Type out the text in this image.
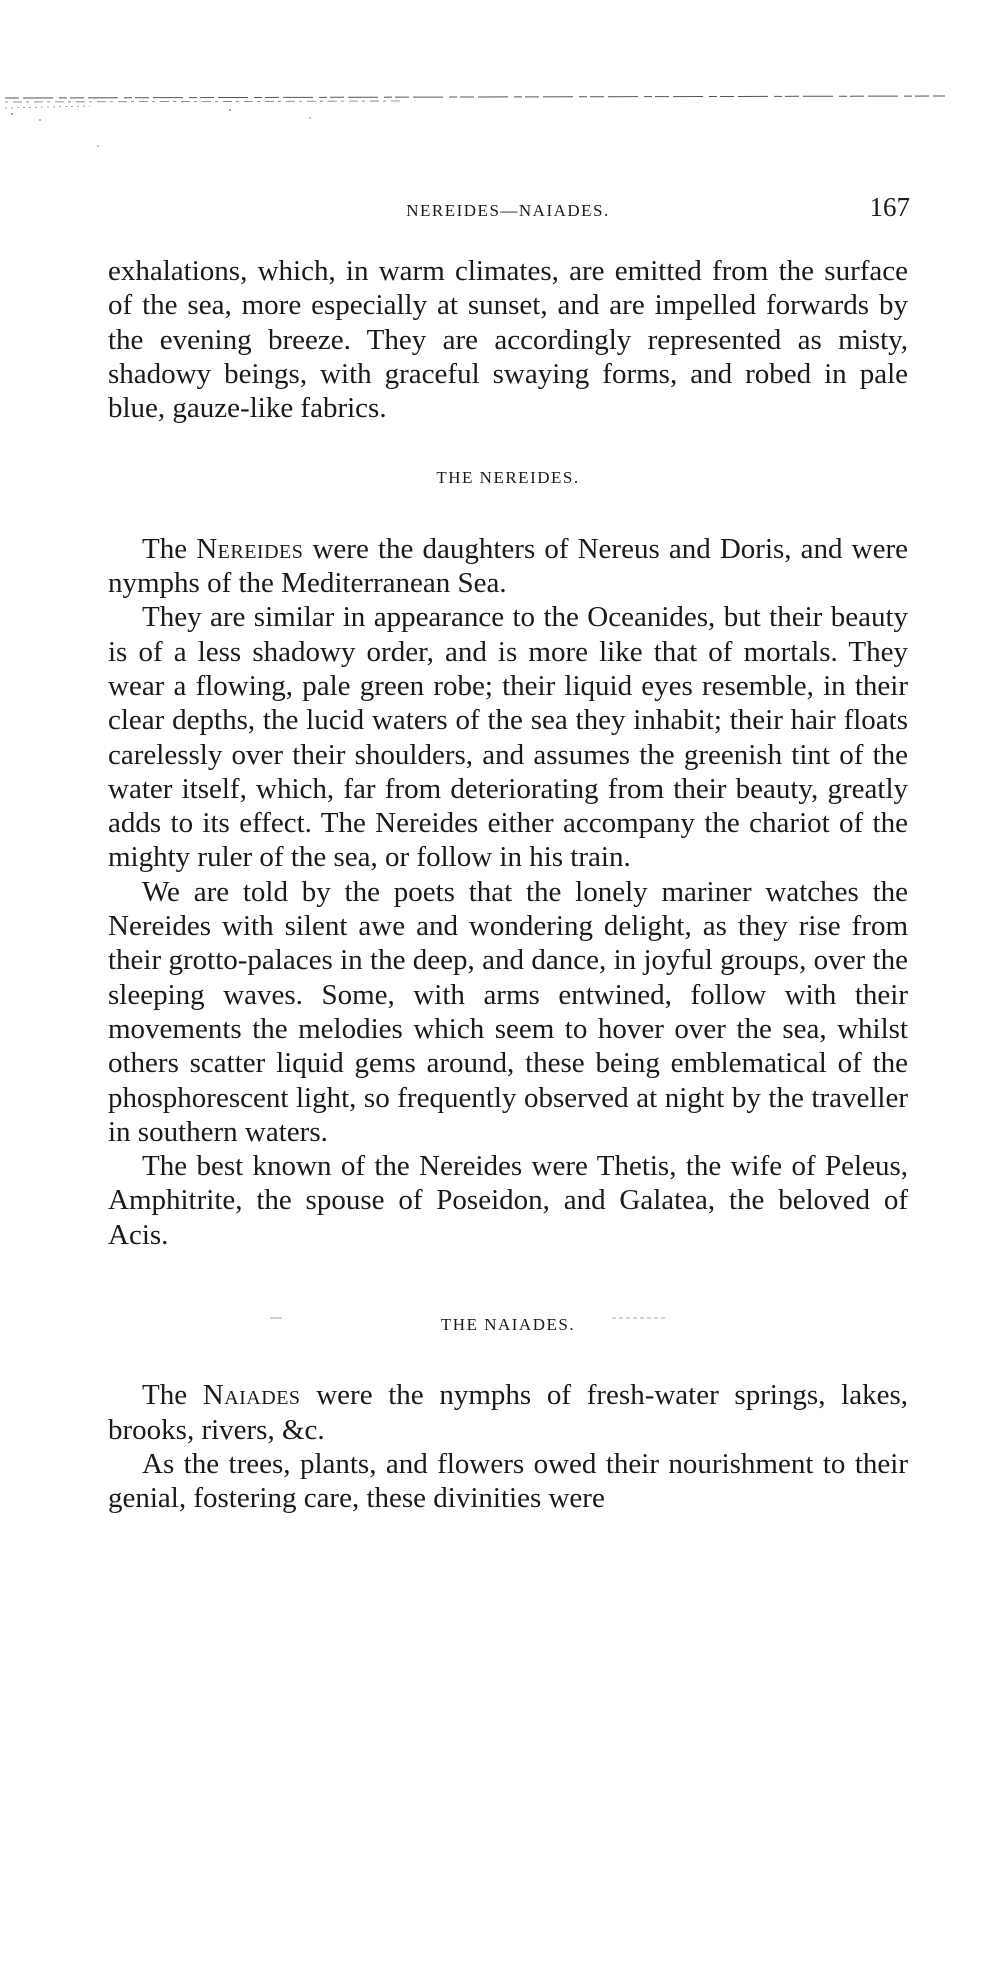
NEREIDES—NAIADES.	167

exhalations, which, in warm climates, are emitted from the surface of the sea, more especially at sunset, and are impelled forwards by the evening breeze. They are accordingly represented as misty, shadowy beings, with graceful swaying forms, and robed in pale blue, gauze-like fabrics.

THE NEREIDES.

The Nereides were the daughters of Nereus and Doris, and were nymphs of the Mediterranean Sea.

They are similar in appearance to the Oceanides, but their beauty is of a less shadowy order, and is more like that of mortals. They wear a flowing, pale green robe; their liquid eyes resemble, in their clear depths, the lucid waters of the sea they inhabit; their hair floats carelessly over their shoulders, and assumes the greenish tint of the water itself, which, far from deteriorating from their beauty, greatly adds to its effect. The Nereides either accompany the chariot of the mighty ruler of the sea, or follow in his train.

We are told by the poets that the lonely mariner watches the Nereides with silent awe and wondering delight, as they rise from their grotto-palaces in the deep, and dance, in joyful groups, over the sleeping waves. Some, with arms entwined, follow with their movements the melodies which seem to hover over the sea, whilst others scatter liquid gems around, these being emblematical of the phosphorescent light, so frequently observed at night by the traveller in southern waters.

The best known of the Nereides were Thetis, the wife of Peleus, Amphitrite, the spouse of Poseidon, and Galatea, the beloved of Acis.

THE NAIADES.

The Naiades were the nymphs of fresh-water springs, lakes, brooks, rivers, &c.

As the trees, plants, and flowers owed their nourishment to their genial, fostering care, these divinities were
